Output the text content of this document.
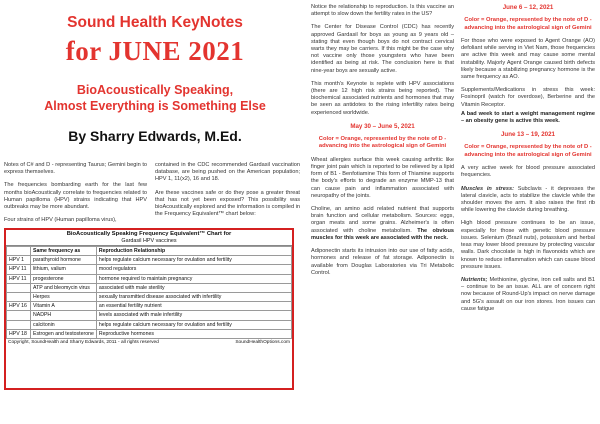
Sound Health KeyNotes
for JUNE 2021
BioAcoustically Speaking,
Almost Everything is Something Else
By Sharry Edwards, M.Ed.

Notes of C# and D - representing Taurus; Gemini begin to express themselves.

The frequencies bombarding earth for the last few months bioAcoustically correlate to frequencies related to Human papilloma (HPV) strains indicating that HPV outbreaks may be more abundant.

Four strains of HPV (Human papilloma virus),

contained in the CDC recommended Gardasil vaccination database, are being pushed on the American population; HPV 1, 11(x2), 16 and 18.

Are these vaccines safe or do they pose a greater threat that has not yet been exposed? This possibility was bioAcoustically explored and the information is compiled in the Frequency Equivalent™ chart below:

BioAcoustically Speaking Frequency Equivalent™ Chart for
Gardasil HPV vaccines
	Same frequency as	Reproduction Relationship
HPV 1	parathyroid hormone	helps regulate calcium necessary for ovulation and fertility
HPV 11	lithium, valium	mood regulators
HPV 11	progesterone	hormone required to maintain pregnancy
	ATP and bleomycin virus	associated with male sterility
	Herpes	sexually transmitted disease associated with infertility
HPV 16	Vitamin A	an essential fertility nutrient
	NADPH	levels associated with male infertility
	calcitonin	helps regulate calcium necessary for ovulation and fertility
HPV 18	Estrogen and testosterone	Reproductive hormones
Copyright, SoundHealth and Sharry Edwards, 2011 - all rights reserved	SoundHealthOptions.com

Notice the relationship to reproduction. Is this vaccine an attempt to slow down the fertility rates in the US?

The Center for Disease Control (CDC) has recently approved Gardasil for boys as young as 9 years old – stating that even though boys do not contract cervical warts they may be carriers. If this might be the case why not vaccine only those youngsters who have been identified as being at risk. The conclusion here is that nine-year boys are sexually active.

This month's Keynote is replete with HPV associations (there are 12 high risk strains being reported). The biochemical associated nutrients and hormones that may be seen as antidotes to the rising infertility rates being experienced worldwide.

May 30 – June 5, 2021

Color = Orange, represented by the note of D - advancing into the astrological sign of Gemini

Wheat allergies surface this week causing arthritic like finger joint pain which is reported to be relieved by a lipid form of B1 - Benfotiamine This form of Thiamine supports the body's efforts to degrade an enzyme MMP-13 that can cause pain and inflammation associated with neuropathy of the joints.

Choline, an amino acid related nutrient that supports brain function and cellular metabolism. Sources: eggs, organ meats and some grains. Alzheimer's is often associated with choline metabolism. The obvious muscles for this week are associated with the neck.

Adiponectin starts its intrusion into our use of fatty acids, hormones and release of fat storage. Adiponectin is available from Douglas Laboratories via Tri Metabolic Control.

June 6 – 12, 2021

Color = Orange, represented by the note of D - advancing into the astrological sign of Gemini

For those who were exposed to Agent Orange (AO) defoliant while serving in Viet Nam, those frequencies are active this week and may cause some mental instability. Majorly Agent Orange caused birth defects likely because a stabilizing pregnancy hormone is the same frequency as AO.

Supplements/Medications in stress this week: Fosinopril (watch for overdose), Berberine and the Vitamin Receptor.

A bad week to start a weight management regime – an obesity gene is active this week.

June 13 – 19, 2021

Color = Orange, represented by the note of D - advancing into the astrological sign of Gemini

A very active week for blood pressure associated frequencies.

Muscles in stress: Subclavis - it depresses the lateral clavicle, acts to stabilize the clavicle while the shoulder moves the arm. It also raises the first rib while lowering the clavicle during breathing.

High blood pressure continues to be an issue, especially for those with genetic blood pressure issues. Selenium (Brazil nuts), potassium and herbal teas may lower blood pressure by protecting vascular walls. Dark chocolate is high in flavonoids which are known to reduce inflammation which can cause blood pressure issues.

Nutrients; Methionine, glycine, iron cell salts and B1 – continue to be an issue. ALL are of concern right now because of Round-Up's impact on nerve damage and 5G's assault on our iron stores. Iron issues can cause fatigue
